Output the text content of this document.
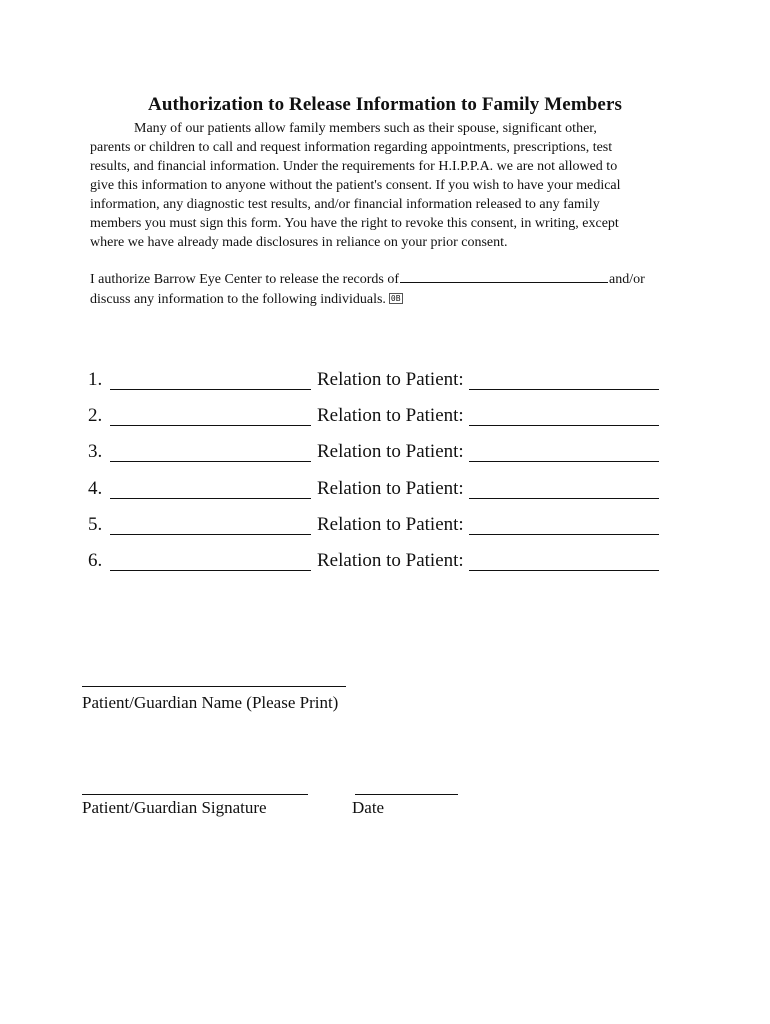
Authorization to Release Information to Family Members
Many of our patients allow family members such as their spouse, significant other,
parents or children to call and request information regarding appointments, prescriptions, test
results, and financial information. Under the requirements for H.I.P.P.A. we are not allowed to
give this information to anyone without the patient's consent. If you wish to have your medical
information, any diagnostic test results, and/or financial information released to any family
members you must sign this form. You have the right to revoke this consent, in writing, except
where we have already made disclosures in reliance on your prior consent.
I authorize Barrow Eye Center to release the records of	and/or
discuss any information to the following individuals. 0B
1.	Relation to Patient:
2.	Relation to Patient:
3.	Relation to Patient:
4.	Relation to Patient:
5.	Relation to Patient:
6.	Relation to Patient:
Patient/Guardian Name (Please Print)
Patient/Guardian Signature	Date
